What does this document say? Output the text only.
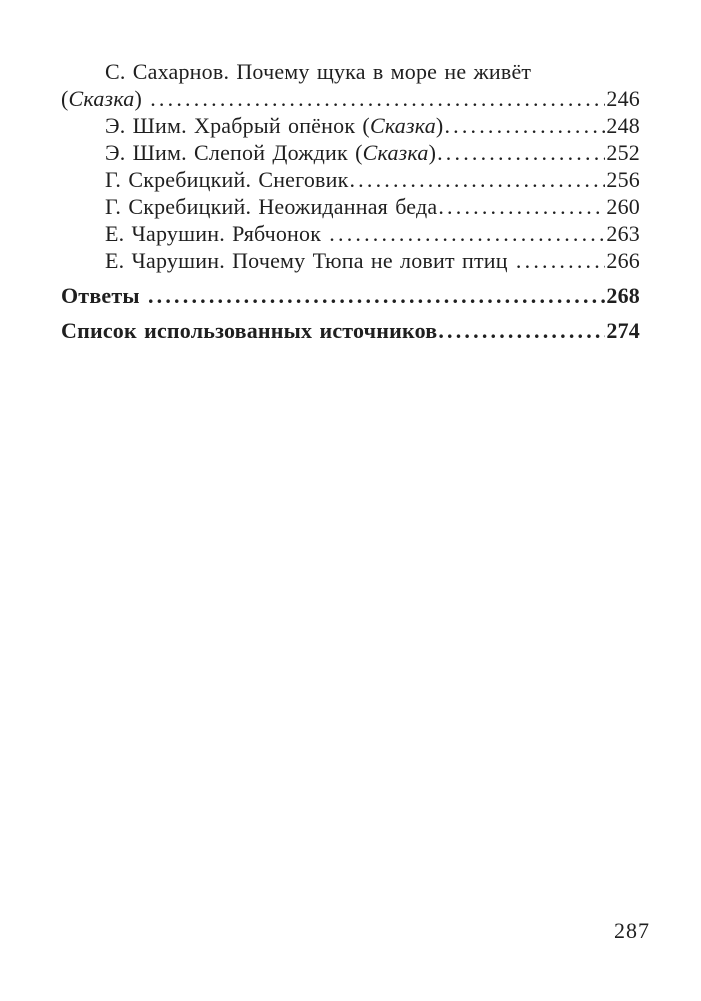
С. Сахарнов. Почему щука в море не живёт
(Сказка) .....	246
Э. Шим. Храбрый опёнок (Сказка) .....	248
Э. Шим. Слепой Дождик (Сказка) .....	252
Г. Скребицкий. Снеговик .....	256
Г. Скребицкий. Неожиданная беда .....	260
Е. Чарушин. Рябчонок .....	263
Е. Чарушин. Почему Тюпа не ловит птиц .....	266
Ответы .....	268
Список использованных источников .....	274
287
